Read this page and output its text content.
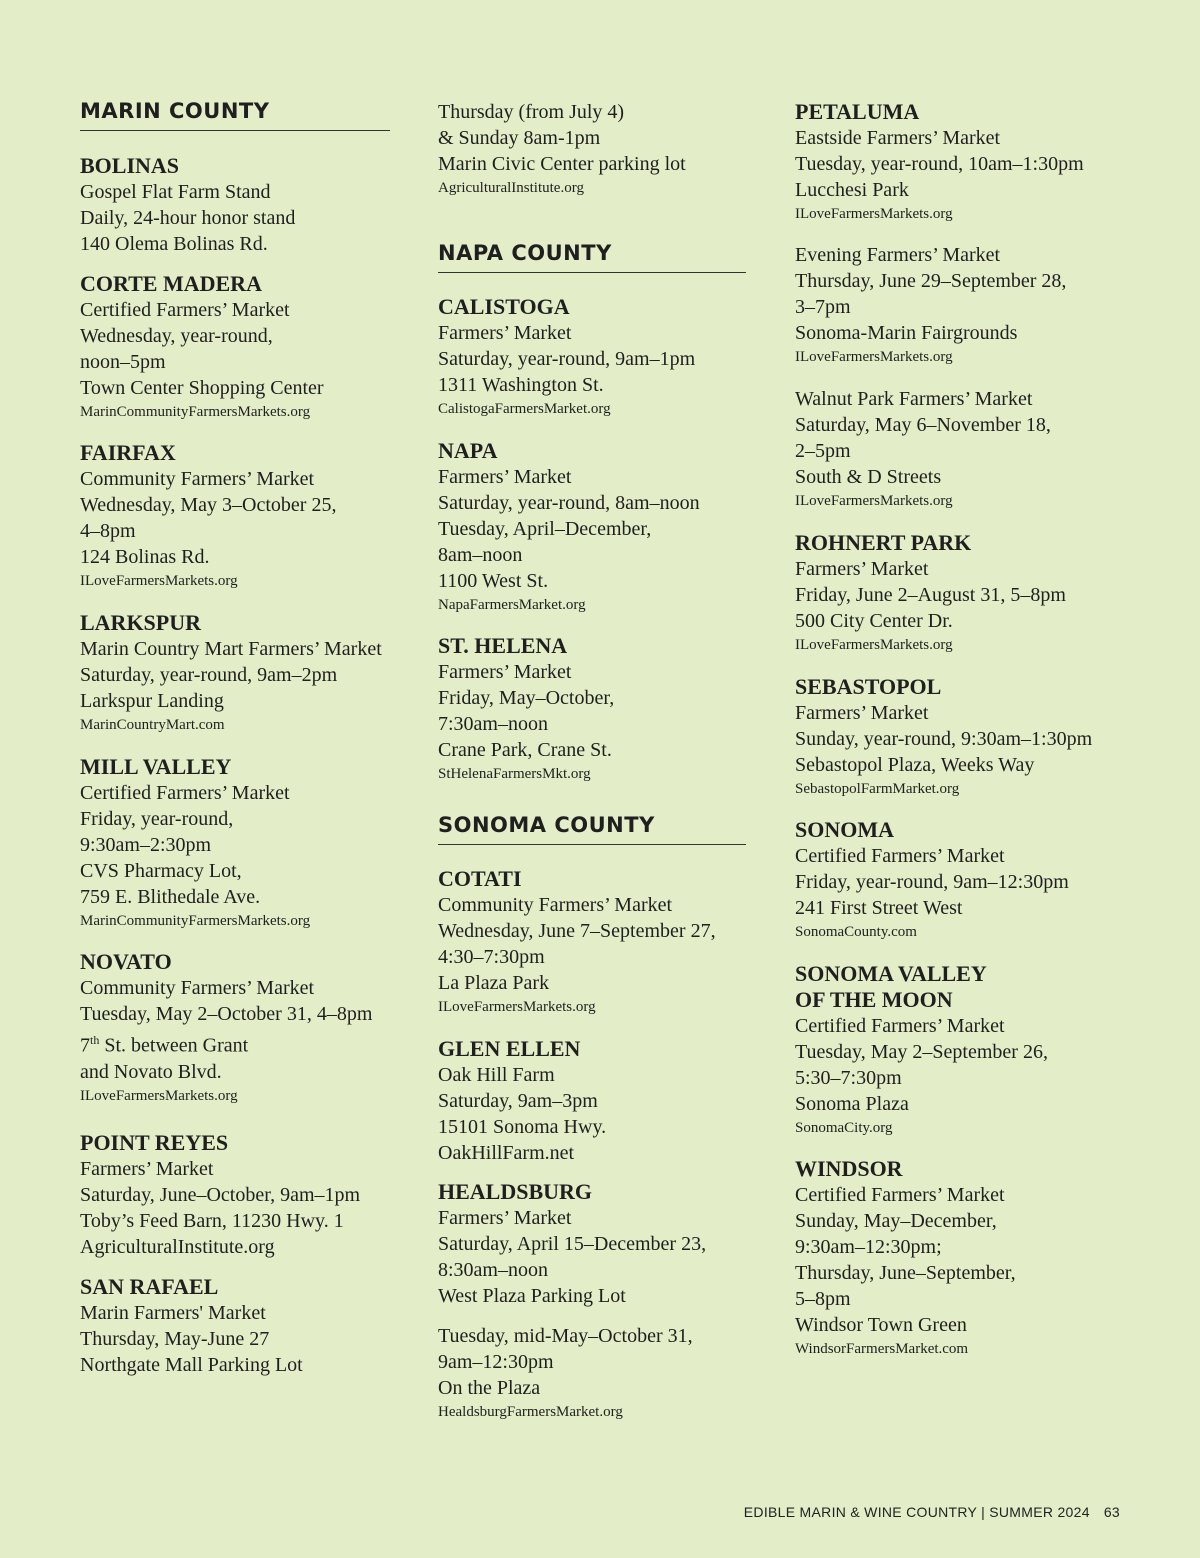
MARIN COUNTY
BOLINAS
Gospel Flat Farm Stand
Daily, 24-hour honor stand
140 Olema Bolinas Rd.
CORTE MADERA
Certified Farmers’ Market
Wednesday, year-round,
noon–5pm
Town Center Shopping Center
MarinCommunityFarmersMarkets.org
FAIRFAX
Community Farmers’ Market
Wednesday, May 3–October 25,
4–8pm
124 Bolinas Rd.
ILoveFarmersMarkets.org
LARKSPUR
Marin Country Mart Farmers’ Market
Saturday, year-round, 9am–2pm
Larkspur Landing
MarinCountryMart.com
MILL VALLEY
Certified Farmers’ Market
Friday, year-round,
9:30am–2:30pm
CVS Pharmacy Lot,
759 E. Blithedale Ave.
MarinCommunityFarmersMarkets.org
NOVATO
Community Farmers’ Market
Tuesday, May 2–October 31, 4–8pm
7th St. between Grant
and Novato Blvd.
ILoveFarmersMarkets.org
POINT REYES
Farmers’ Market
Saturday, June–October, 9am–1pm
Toby’s Feed Barn, 11230 Hwy. 1
AgriculturalInstitute.org
SAN RAFAEL
Marin Farmers' Market
Thursday, May-June 27
Northgate Mall Parking Lot
Thursday (from July 4)
& Sunday 8am-1pm
Marin Civic Center parking lot
AgriculturalInstitute.org
NAPA COUNTY
CALISTOGA
Farmers’ Market
Saturday, year-round, 9am–1pm
1311 Washington St.
CalistogaFarmersMarket.org
NAPA
Farmers’ Market
Saturday, year-round, 8am–noon
Tuesday, April–December,
8am–noon
1100 West St.
NapaFarmersMarket.org
ST. HELENA
Farmers’ Market
Friday, May–October,
7:30am–noon
Crane Park, Crane St.
StHelenaFarmersMkt.org
SONOMA COUNTY
COTATI
Community Farmers’ Market
Wednesday, June 7–September 27,
4:30–7:30pm
La Plaza Park
ILoveFarmersMarkets.org
GLEN ELLEN
Oak Hill Farm
Saturday, 9am–3pm
15101 Sonoma Hwy.
OakHillFarm.net
HEALDSBURG
Farmers’ Market
Saturday, April 15–December 23,
8:30am–noon
West Plaza Parking Lot
Tuesday, mid-May–October 31,
9am–12:30pm
On the Plaza
HealdsburgFarmersMarket.org
PETALUMA
Eastside Farmers’ Market
Tuesday, year-round, 10am–1:30pm
Lucchesi Park
ILoveFarmersMarkets.org
Evening Farmers’ Market
Thursday, June 29–September 28,
3–7pm
Sonoma-Marin Fairgrounds
ILoveFarmersMarkets.org
Walnut Park Farmers’ Market
Saturday, May 6–November 18,
2–5pm
South & D Streets
ILoveFarmersMarkets.org
ROHNERT PARK
Farmers’ Market
Friday, June 2–August 31, 5–8pm
500 City Center Dr.
ILoveFarmersMarkets.org
SEBASTOPOL
Farmers’ Market
Sunday, year-round, 9:30am–1:30pm
Sebastopol Plaza, Weeks Way
SebastopolFarmMarket.org
SONOMA
Certified Farmers’ Market
Friday, year-round, 9am–12:30pm
241 First Street West
SonomaCounty.com
SONOMA VALLEY
OF THE MOON
Certified Farmers’ Market
Tuesday, May 2–September 26,
5:30–7:30pm
Sonoma Plaza
SonomaCity.org
WINDSOR
Certified Farmers’ Market
Sunday, May–December,
9:30am–12:30pm;
Thursday, June–September,
5–8pm
Windsor Town Green
WindsorFarmersMarket.com
EDIBLE MARIN & WINE COUNTRY | SUMMER 2024 63
